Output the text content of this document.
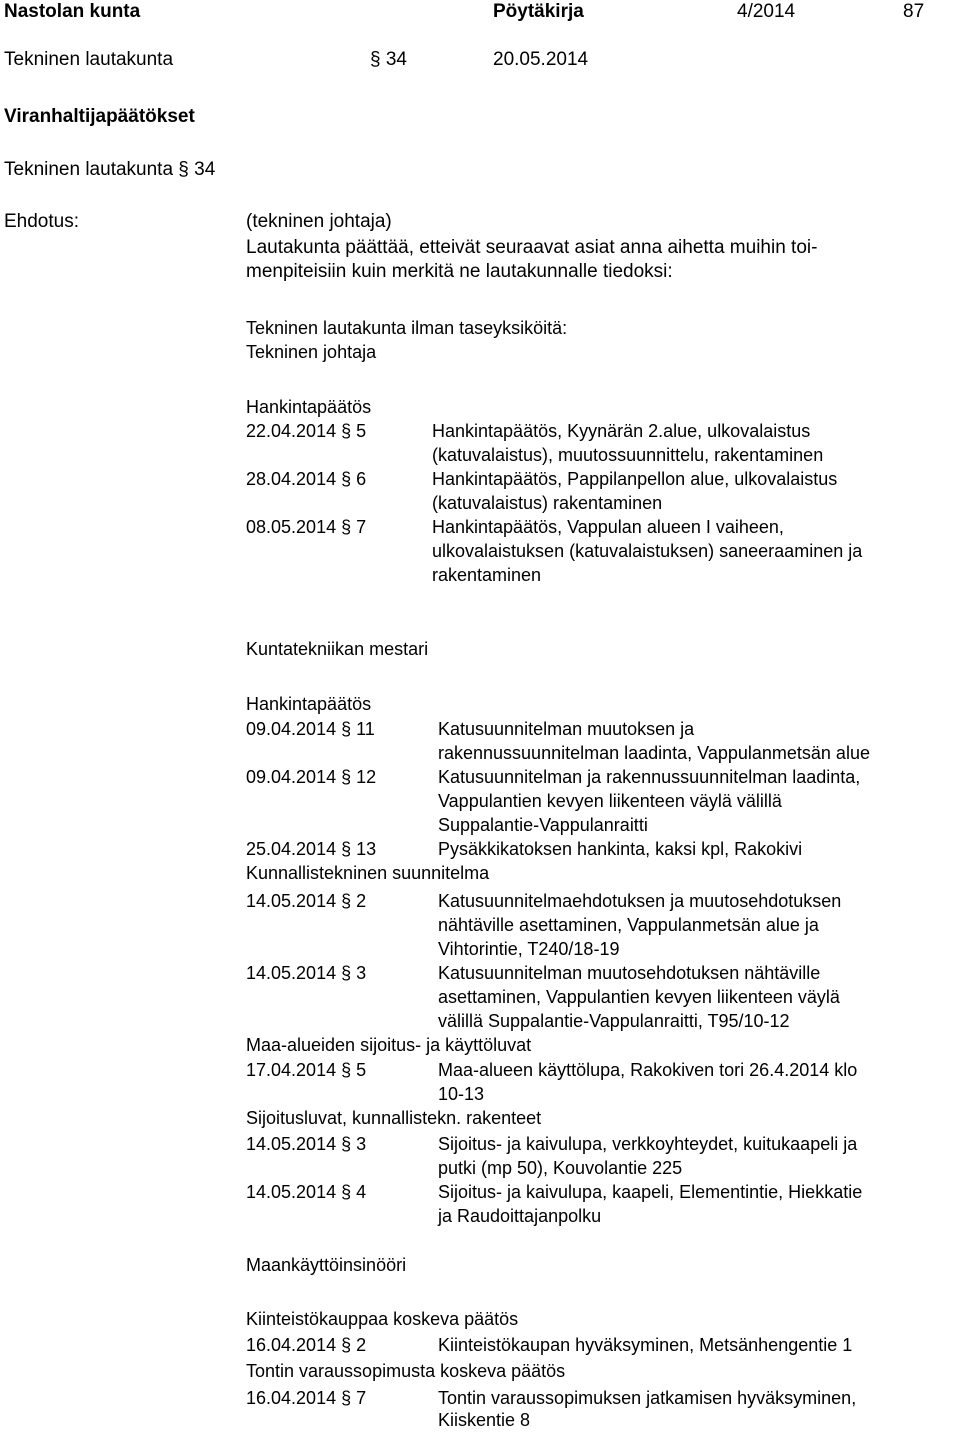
Nastolan kunta	Pöytäkirja	4/2014	87
Tekninen lautakunta	§ 34	20.05.2014
Viranhaltijapäätökset
Tekninen lautakunta § 34
Ehdotus:	(tekninen johtaja)
Lautakunta päättää, etteivät seuraavat asiat anna aihetta muihin toi-
menpiteisiin kuin merkitä ne lautakunnalle tiedoksi:
Tekninen lautakunta ilman taseyksiköitä:
Tekninen johtaja
Hankintapäätös
22.04.2014 § 5	Hankintapäätös, Kyynärän 2.alue, ulkovalaistus
(katuvalaistus), muutossuunnittelu, rakentaminen
28.04.2014 § 6	Hankintapäätös, Pappilanpellon alue, ulkovalaistus
(katuvalaistus) rakentaminen
08.05.2014 § 7	Hankintapäätös, Vappulan alueen I vaiheen,
ulkovalaistuksen (katuvalaistuksen) saneeraaminen ja
rakentaminen
Kuntatekniikan mestari
Hankintapäätös
09.04.2014 § 11	Katusuunnitelman muutoksen ja
rakennussuunnitelman laadinta, Vappulanmetsän alue
09.04.2014 § 12	Katusuunnitelman ja rakennussuunnitelman laadinta,
Vappulantien kevyen liikenteen väylä välillä
Suppalantie-Vappulanraitti
25.04.2014 § 13	Pysäkkikatoksen hankinta, kaksi kpl, Rakokivi
Kunnallistekninen suunnitelma
14.05.2014 § 2	Katusuunnitelmaehdotuksen ja muutosehdotuksen
nähtäville asettaminen, Vappulanmetsän alue ja
Vihtorintie, T240/18-19
14.05.2014 § 3	Katusuunnitelman muutosehdotuksen nähtäville
asettaminen, Vappulantien kevyen liikenteen väylä
välillä Suppalantie-Vappulanraitti, T95/10-12
Maa-alueiden sijoitus- ja käyttöluvat
17.04.2014 § 5	Maa-alueen käyttölupa, Rakokiven tori 26.4.2014 klo
10-13
Sijoitusluvat, kunnallistekn. rakenteet
14.05.2014 § 3	Sijoitus- ja kaivulupa, verkkoyhteydet, kuitukaapeli ja
putki (mp 50), Kouvolantie 225
14.05.2014 § 4	Sijoitus- ja kaivulupa, kaapeli, Elementintie, Hiekkatie
ja Raudoittajanpolku
Maankäyttöinsinööri
Kiinteistökauppaa koskeva päätös
16.04.2014 § 2	Kiinteistökaupan hyväksyminen, Metsänhengentie 1
Tontin varaussopimusta koskeva päätös
16.04.2014 § 7	Tontin varaussopimuksen jatkamisen hyväksyminen,
Kiiskentie 8
